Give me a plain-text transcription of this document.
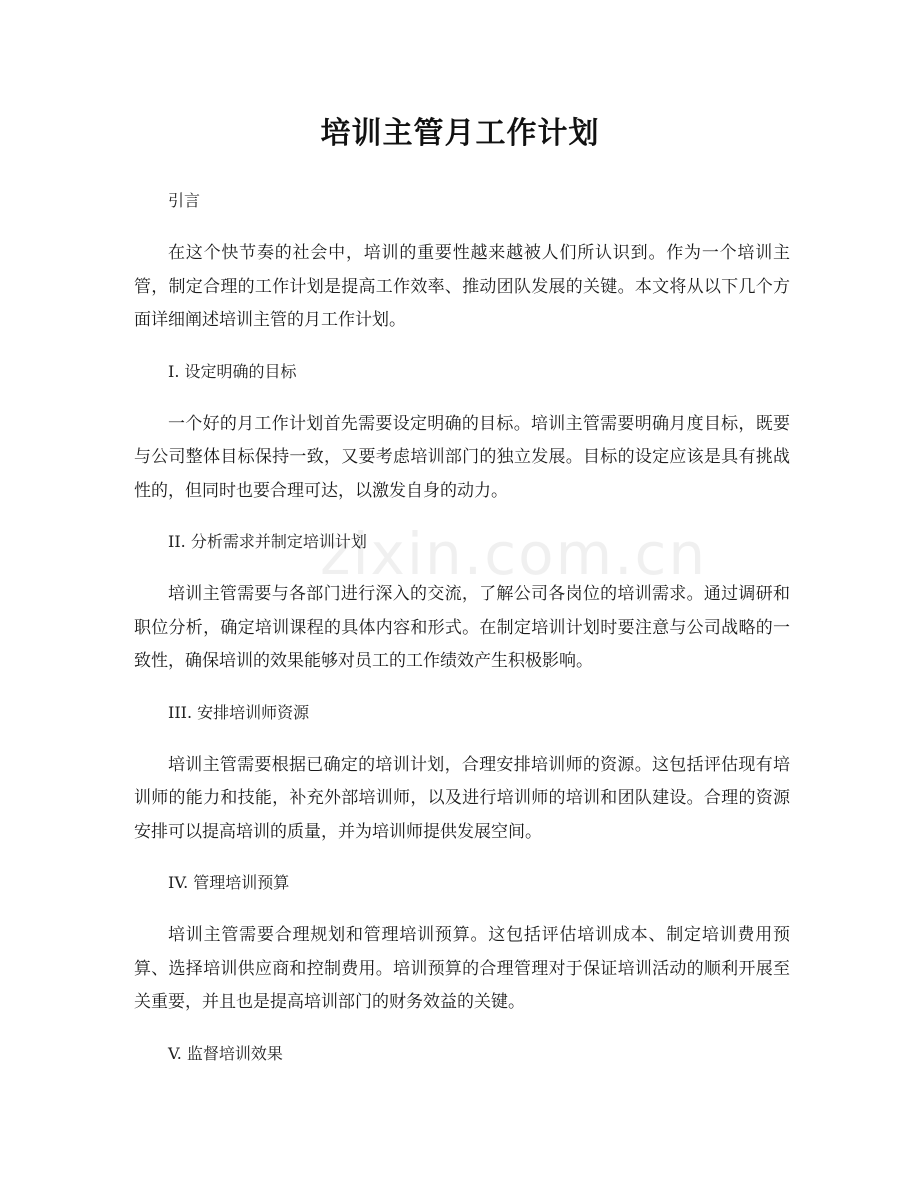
zixin.com.cn
培训主管月工作计划

引言

在这个快节奏的社会中，培训的重要性越来越被人们所认识到。作为一个培训主管，制定合理的工作计划是提高工作效率、推动团队发展的关键。本文将从以下几个方面详细阐述培训主管的月工作计划。

I. 设定明确的目标

一个好的月工作计划首先需要设定明确的目标。培训主管需要明确月度目标，既要与公司整体目标保持一致，又要考虑培训部门的独立发展。目标的设定应该是具有挑战性的，但同时也要合理可达，以激发自身的动力。

II. 分析需求并制定培训计划

培训主管需要与各部门进行深入的交流，了解公司各岗位的培训需求。通过调研和职位分析，确定培训课程的具体内容和形式。在制定培训计划时要注意与公司战略的一致性，确保培训的效果能够对员工的工作绩效产生积极影响。

III. 安排培训师资源

培训主管需要根据已确定的培训计划，合理安排培训师的资源。这包括评估现有培训师的能力和技能，补充外部培训师，以及进行培训师的培训和团队建设。合理的资源安排可以提高培训的质量，并为培训师提供发展空间。

IV. 管理培训预算

培训主管需要合理规划和管理培训预算。这包括评估培训成本、制定培训费用预算、选择培训供应商和控制费用。培训预算的合理管理对于保证培训活动的顺利开展至关重要，并且也是提高培训部门的财务效益的关键。

V. 监督培训效果
